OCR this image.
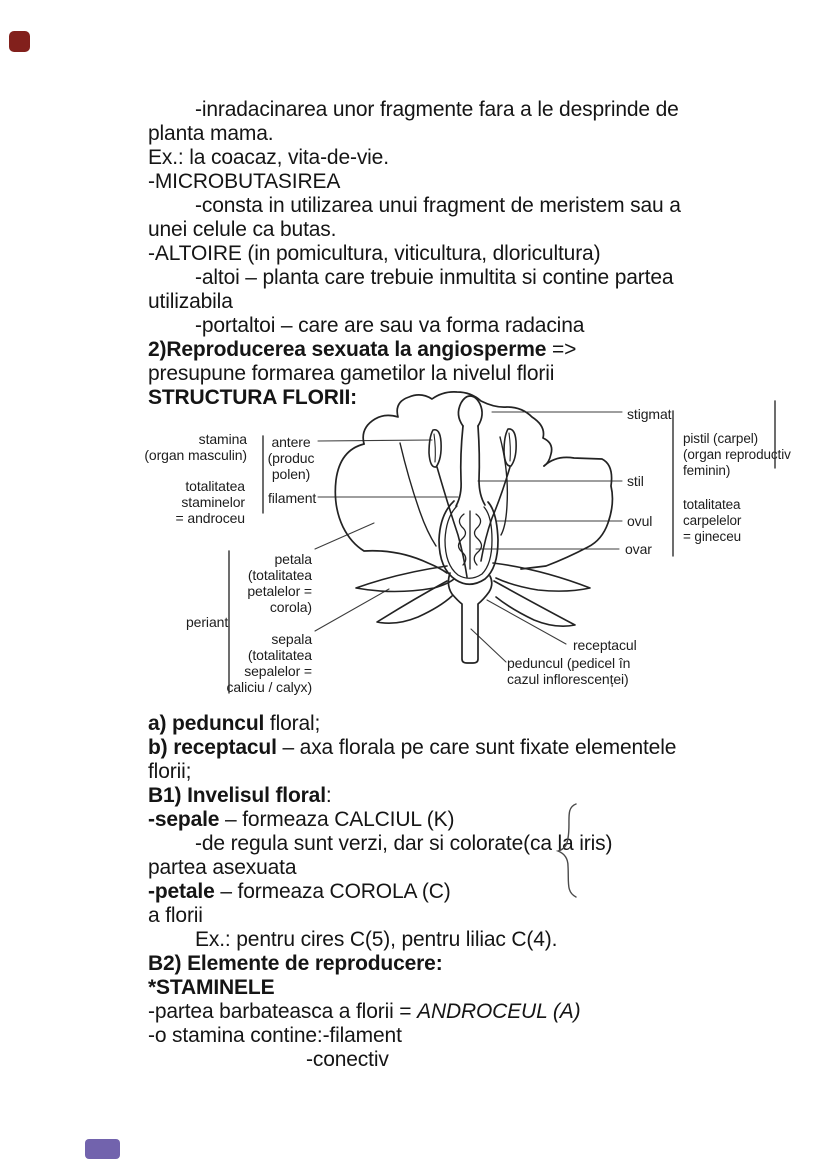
-inradacinarea unor fragmente fara a le desprinde de
planta mama.
Ex.: la coacaz, vita-de-vie.
-MICROBUTASIREA
-consta in utilizarea unui fragment de meristem sau a
unei celule ca butas.
-ALTOIRE (in pomicultura, viticultura, dloricultura)
-altoi – planta care trebuie inmultita si contine partea
utilizabila
-portaltoi – care are sau va forma radacina
2)Reproducerea sexuata la angiosperme =>
presupune formarea gametilor la nivelul florii
STRUCTURA FLORII:
stamina
(organ masculin)
totalitatea
staminelor
= androceu
antere
(produc
polen)
filament
petala
(totalitatea
petalelor =
corola)
periant
sepala
(totalitatea
sepalelor =
caliciu / calyx)
stigmat
pistil (carpel)
(organ reproductiv
feminin)
stil
totalitatea
carpelelor
= gineceu
ovul
ovar
receptacul
peduncul (pedicel în
cazul inflorescenței)
a) peduncul floral;
b) receptacul – axa florala pe care sunt fixate elementele
florii;
B1) Invelisul floral:
-sepale – formeaza CALCIUL (K)
-de regula sunt verzi, dar si colorate(ca la iris)
partea asexuata
-petale – formeaza COROLA (C)
a florii
Ex.: pentru cires C(5), pentru liliac C(4).
B2) Elemente de reproducere:
*STAMINELE
-partea barbateasca a florii = ANDROCEUL (A)
-o stamina contine:-filament
-conectiv
